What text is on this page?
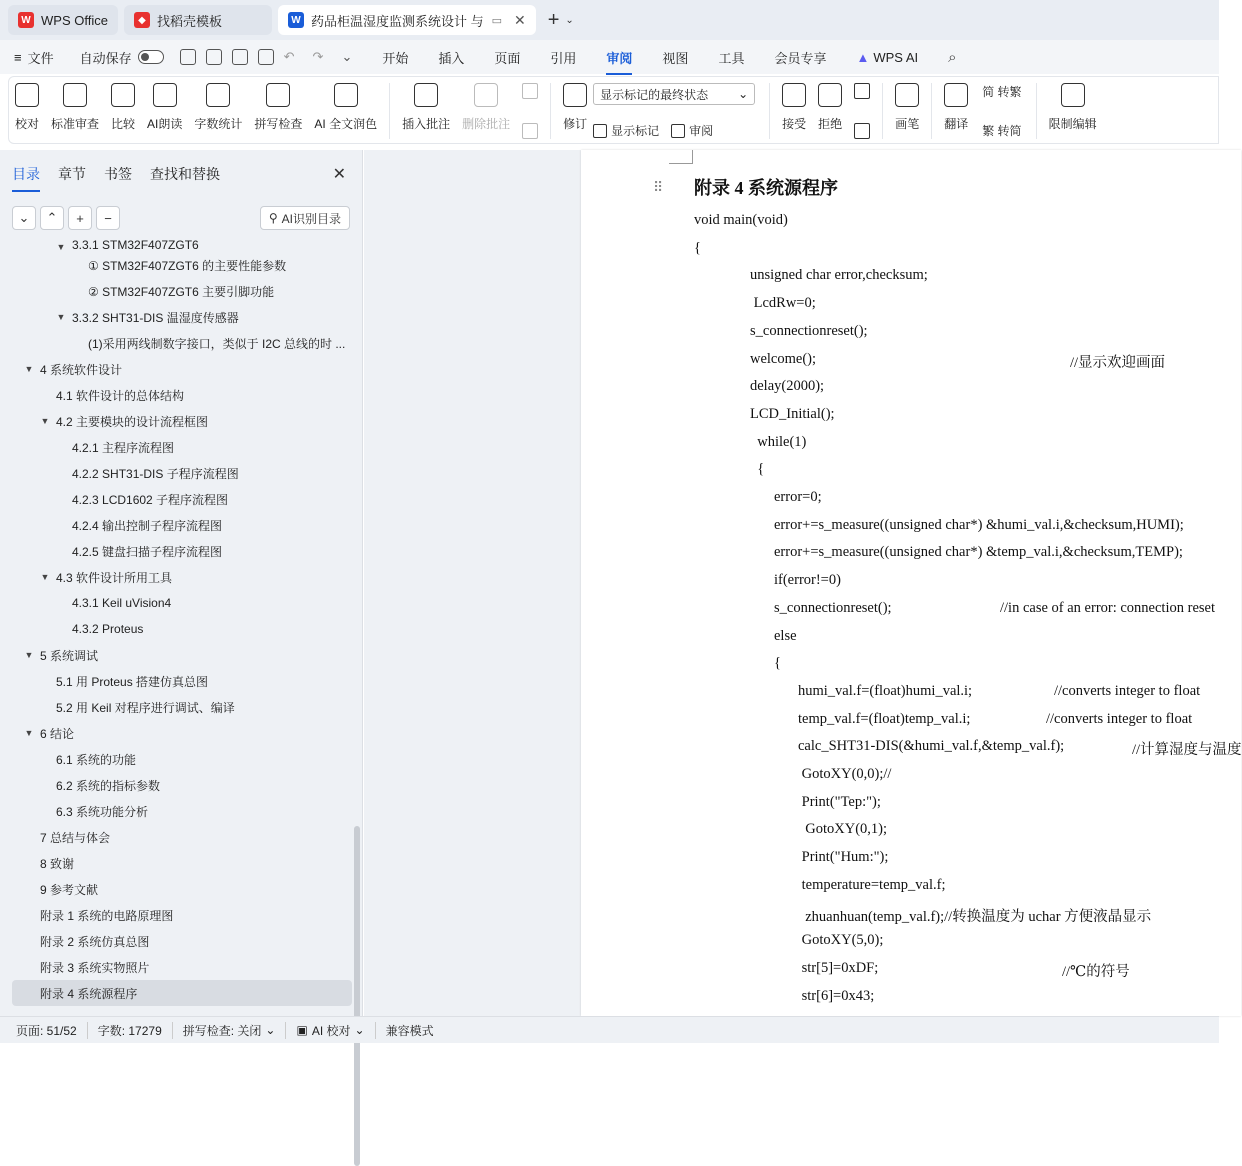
W WPS Office	◆ 找稻壳模板	W 药品柜温湿度监测系统设计 与 ▭ ✕ + ⌄
≡ 文件 自动保存	↶ ↷ ⌄ 开始 插入 页面 引用 审阅 视图 工具 会员专享 ▲ WPS AI ⌕
校对 标准审查 比较 AI朗读 字数统计 拼写检查 AI 全文润色 插入批注 删除批注	修订
显示标记的最终状态 ⌄
显示标记	审阅	接受 拒绝	画笔 翻译
简 转繁
繁 转简 限制编辑
目录 章节 书签 查找和替换	✕
⌄	⌃	+	−	⚲ AI识别目录
▼ 3.3.1 STM32F407ZGT6
① STM32F407ZGT6 的主要性能参数
② STM32F407ZGT6 主要引脚功能
▼ 3.3.2 SHT31-DIS 温湿度传感器
(1)采用两线制数字接口，类似于 I2C 总线的时 ...
▼ 4 系统软件设计
4.1 软件设计的总体结构
▼ 4.2 主要模块的设计流程框图
4.2.1 主程序流程图
4.2.2 SHT31-DIS 子程序流程图
4.2.3 LCD1602 子程序流程图
4.2.4 输出控制子程序流程图
4.2.5 键盘扫描子程序流程图
▼ 4.3 软件设计所用工具
4.3.1 Keil uVision4
4.3.2 Proteus
▼ 5 系统调试
5.1 用 Proteus 搭建仿真总图
5.2 用 Keil 对程序进行调试、编译
▼ 6 结论
6.1 系统的功能
6.2 系统的指标参数
6.3 系统功能分析
7 总结与体会
8 致谢
9 参考文献
附录 1 系统的电路原理图
附录 2 系统仿真总图
附录 3 系统实物照片
附录 4 系统源程序
⠿ 附录 4 系统源程序
void main(void)
{
unsigned char error,checksum;
LcdRw=0;
s_connectionreset();
welcome();	//显示欢迎画面
delay(2000);
LCD_Initial();
while(1)
{
error=0;
error+=s_measure((unsigned char*) &humi_val.i,&checksum,HUMI);
error+=s_measure((unsigned char*) &temp_val.i,&checksum,TEMP);
if(error!=0)
s_connectionreset();	//in case of an error: connection reset
else
{
humi_val.f=(float)humi_val.i;	//converts integer to float
temp_val.f=(float)temp_val.i;	//converts integer to float
calc_SHT31-DIS(&humi_val.f,&temp_val.f);	//计算湿度与温度
GotoXY(0,0);//
Print("Tep:");
GotoXY(0,1);
Print("Hum:");
temperature=temp_val.f;
zhuanhuan(temp_val.f);//转换温度为 uchar 方便液晶显示
GotoXY(5,0);
str[5]=0xDF;	//℃的符号
str[6]=0x43;
页面: 51/52	字数: 17279	拼写检查: 关闭 ⌄ ▣ AI 校对 ⌄ 兼容模式
